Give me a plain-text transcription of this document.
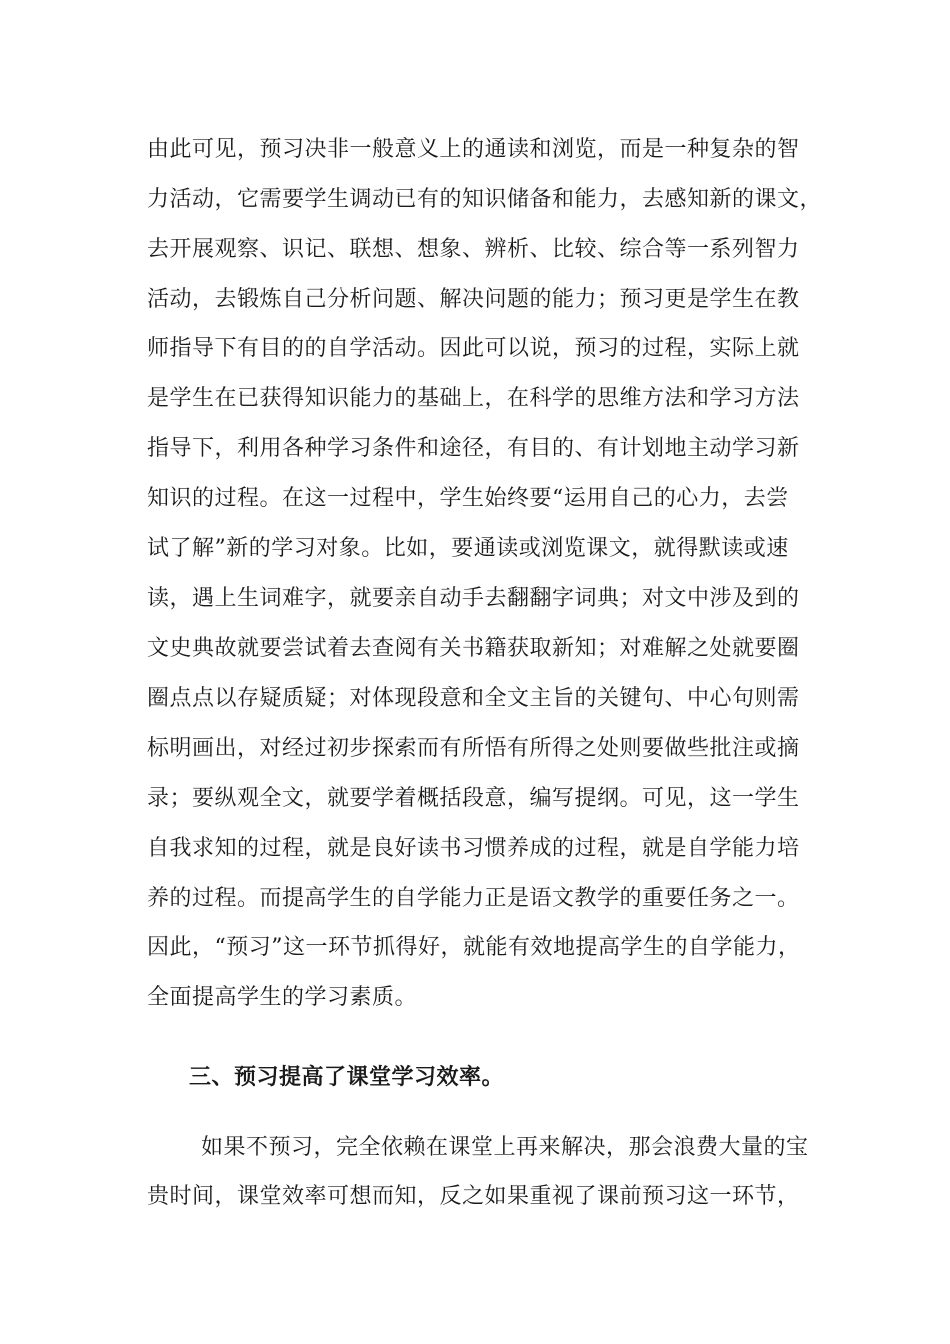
由此可见，预习决非一般意义上的通读和浏览，而是一种复杂的智
力活动，它需要学生调动已有的知识储备和能力，去感知新的课文，
去开展观察、识记、联想、想象、辨析、比较、综合等一系列智力
活动，去锻炼自己分析问题、解决问题的能力；预习更是学生在教
师指导下有目的的自学活动。因此可以说，预习的过程，实际上就
是学生在已获得知识能力的基础上，在科学的思维方法和学习方法
指导下，利用各种学习条件和途径，有目的、有计划地主动学习新
知识的过程。在这一过程中，学生始终要“运用自己的心力，去尝
试了解”新的学习对象。比如，要通读或浏览课文，就得默读或速
读，遇上生词难字，就要亲自动手去翻翻字词典；对文中涉及到的
文史典故就要尝试着去查阅有关书籍获取新知；对难解之处就要圈
圈点点以存疑质疑；对体现段意和全文主旨的关键句、中心句则需
标明画出，对经过初步探索而有所悟有所得之处则要做些批注或摘
录；要纵观全文，就要学着概括段意，编写提纲。可见，这一学生
自我求知的过程，就是良好读书习惯养成的过程，就是自学能力培
养的过程。而提高学生的自学能力正是语文教学的重要任务之一。
因此，“预习”这一环节抓得好，就能有效地提高学生的自学能力，
全面提高学生的学习素质。
三、预习提高了课堂学习效率。
如果不预习，完全依赖在课堂上再来解决，那会浪费大量的宝
贵时间，课堂效率可想而知，反之如果重视了课前预习这一环节，
